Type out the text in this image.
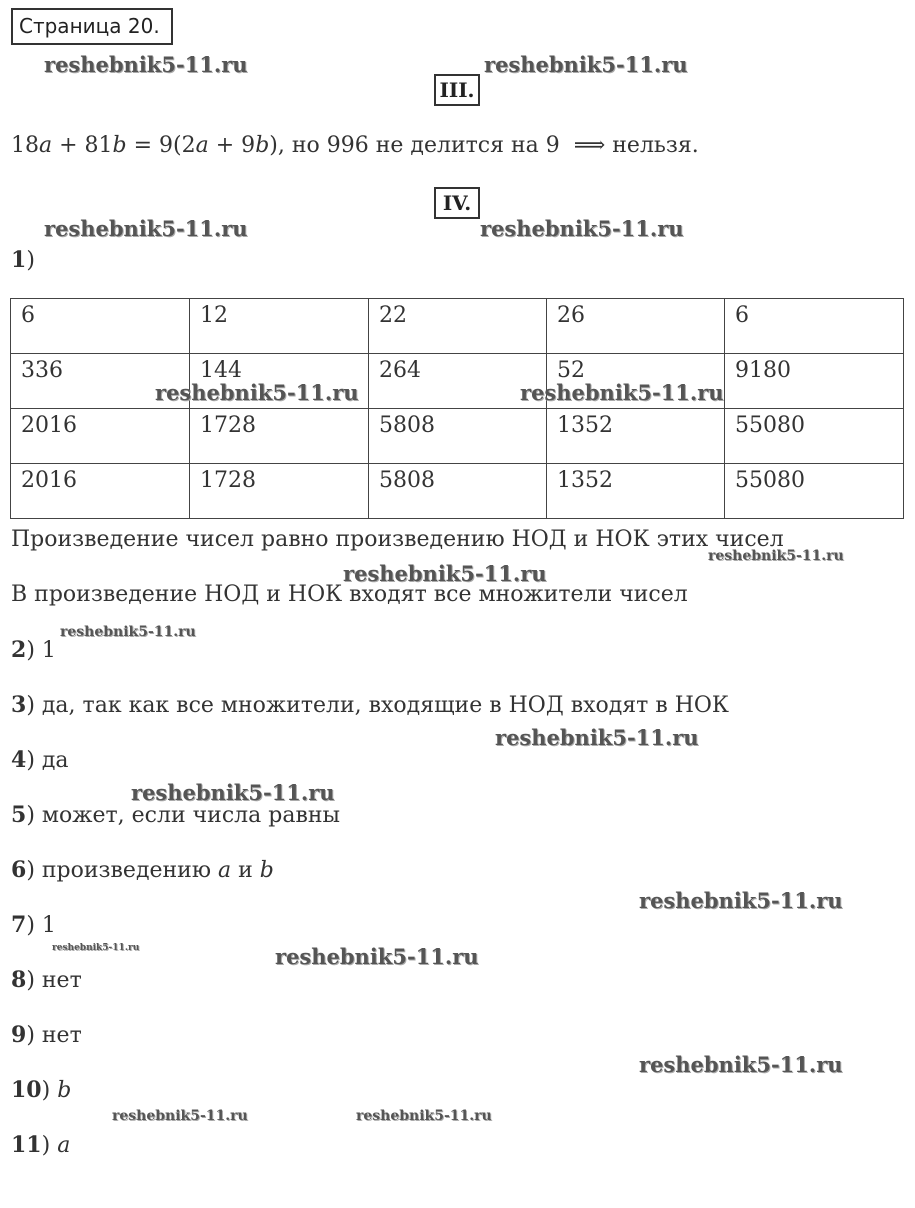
Страница 20.
reshebnik5-11.ru	reshebnik5-11.ru
reshebnik5-11.ru	reshebnik5-11.ru
reshebnik5-11.ru	reshebnik5-11.ru
reshebnik5-11.ru
reshebnik5-11.ru
reshebnik5-11.ru
reshebnik5-11.ru
reshebnik5-11.ru
reshebnik5-11.ru
reshebnik5-11.ru	reshebnik5-11.ru
reshebnik5-11.ru
reshebnik5-11.ru	reshebnik5-11.ru
III.
18a + 81b = 9(2a + 9b), но 996 не делится на 9  ⟹ нельзя.
IV.
1)
6	12	22	26	6
336	144	264	52	9180
2016	1728	5808	1352	55080
2016	1728	5808	1352	55080
Произведение чисел равно произведению НОД и НОК этих чисел
В произведение НОД и НОК входят все множители чисел
2) 1
3) да, так как все множители, входящие в НОД входят в НОК
4) да
5) может, если числа равны
6) произведению a и b
7) 1
8) нет
9) нет
10) b
11) a
